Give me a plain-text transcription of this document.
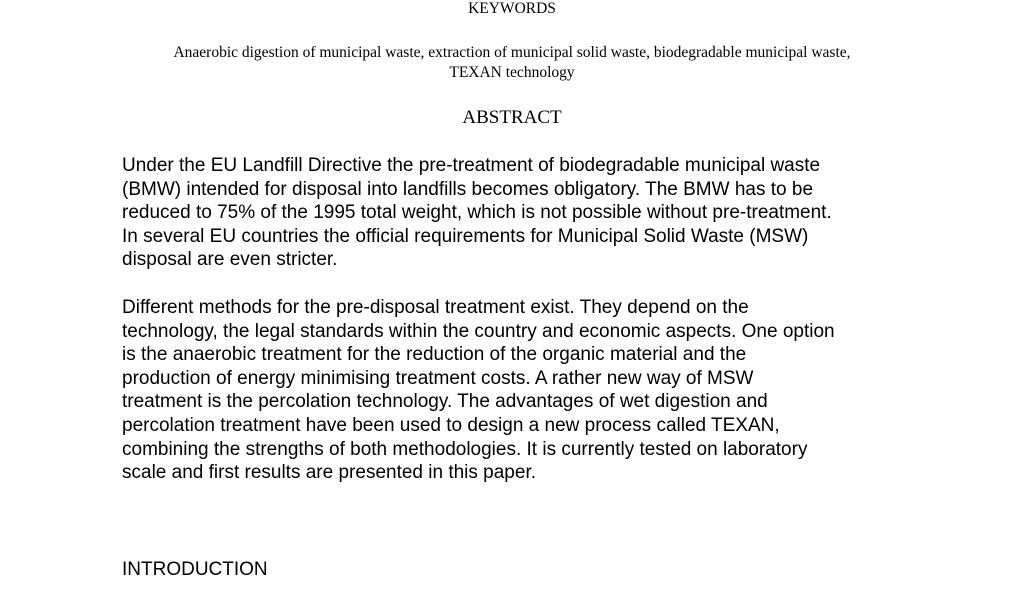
KEYWORDS
Anaerobic digestion of municipal waste, extraction of municipal solid waste, biodegradable municipal waste,
TEXAN technology
ABSTRACT

Under the EU Landfill Directive the pre-treatment of biodegradable municipal waste
(BMW) intended for disposal into landfills becomes obligatory. The BMW has to be
reduced to 75% of the 1995 total weight, which is not possible without pre-treatment.
In several EU countries the official requirements for Municipal Solid Waste (MSW)
disposal are even stricter.

Different methods for the pre-disposal treatment exist. They depend on the
technology, the legal standards within the country and economic aspects. One option
is the anaerobic treatment for the reduction of the organic material and the
production of energy minimising treatment costs. A rather new way of MSW
treatment is the percolation technology. The advantages of wet digestion and
percolation treatment have been used to design a new process called TEXAN,
combining the strengths of both methodologies. It is currently tested on laboratory
scale and first results are presented in this paper.

INTRODUCTION
